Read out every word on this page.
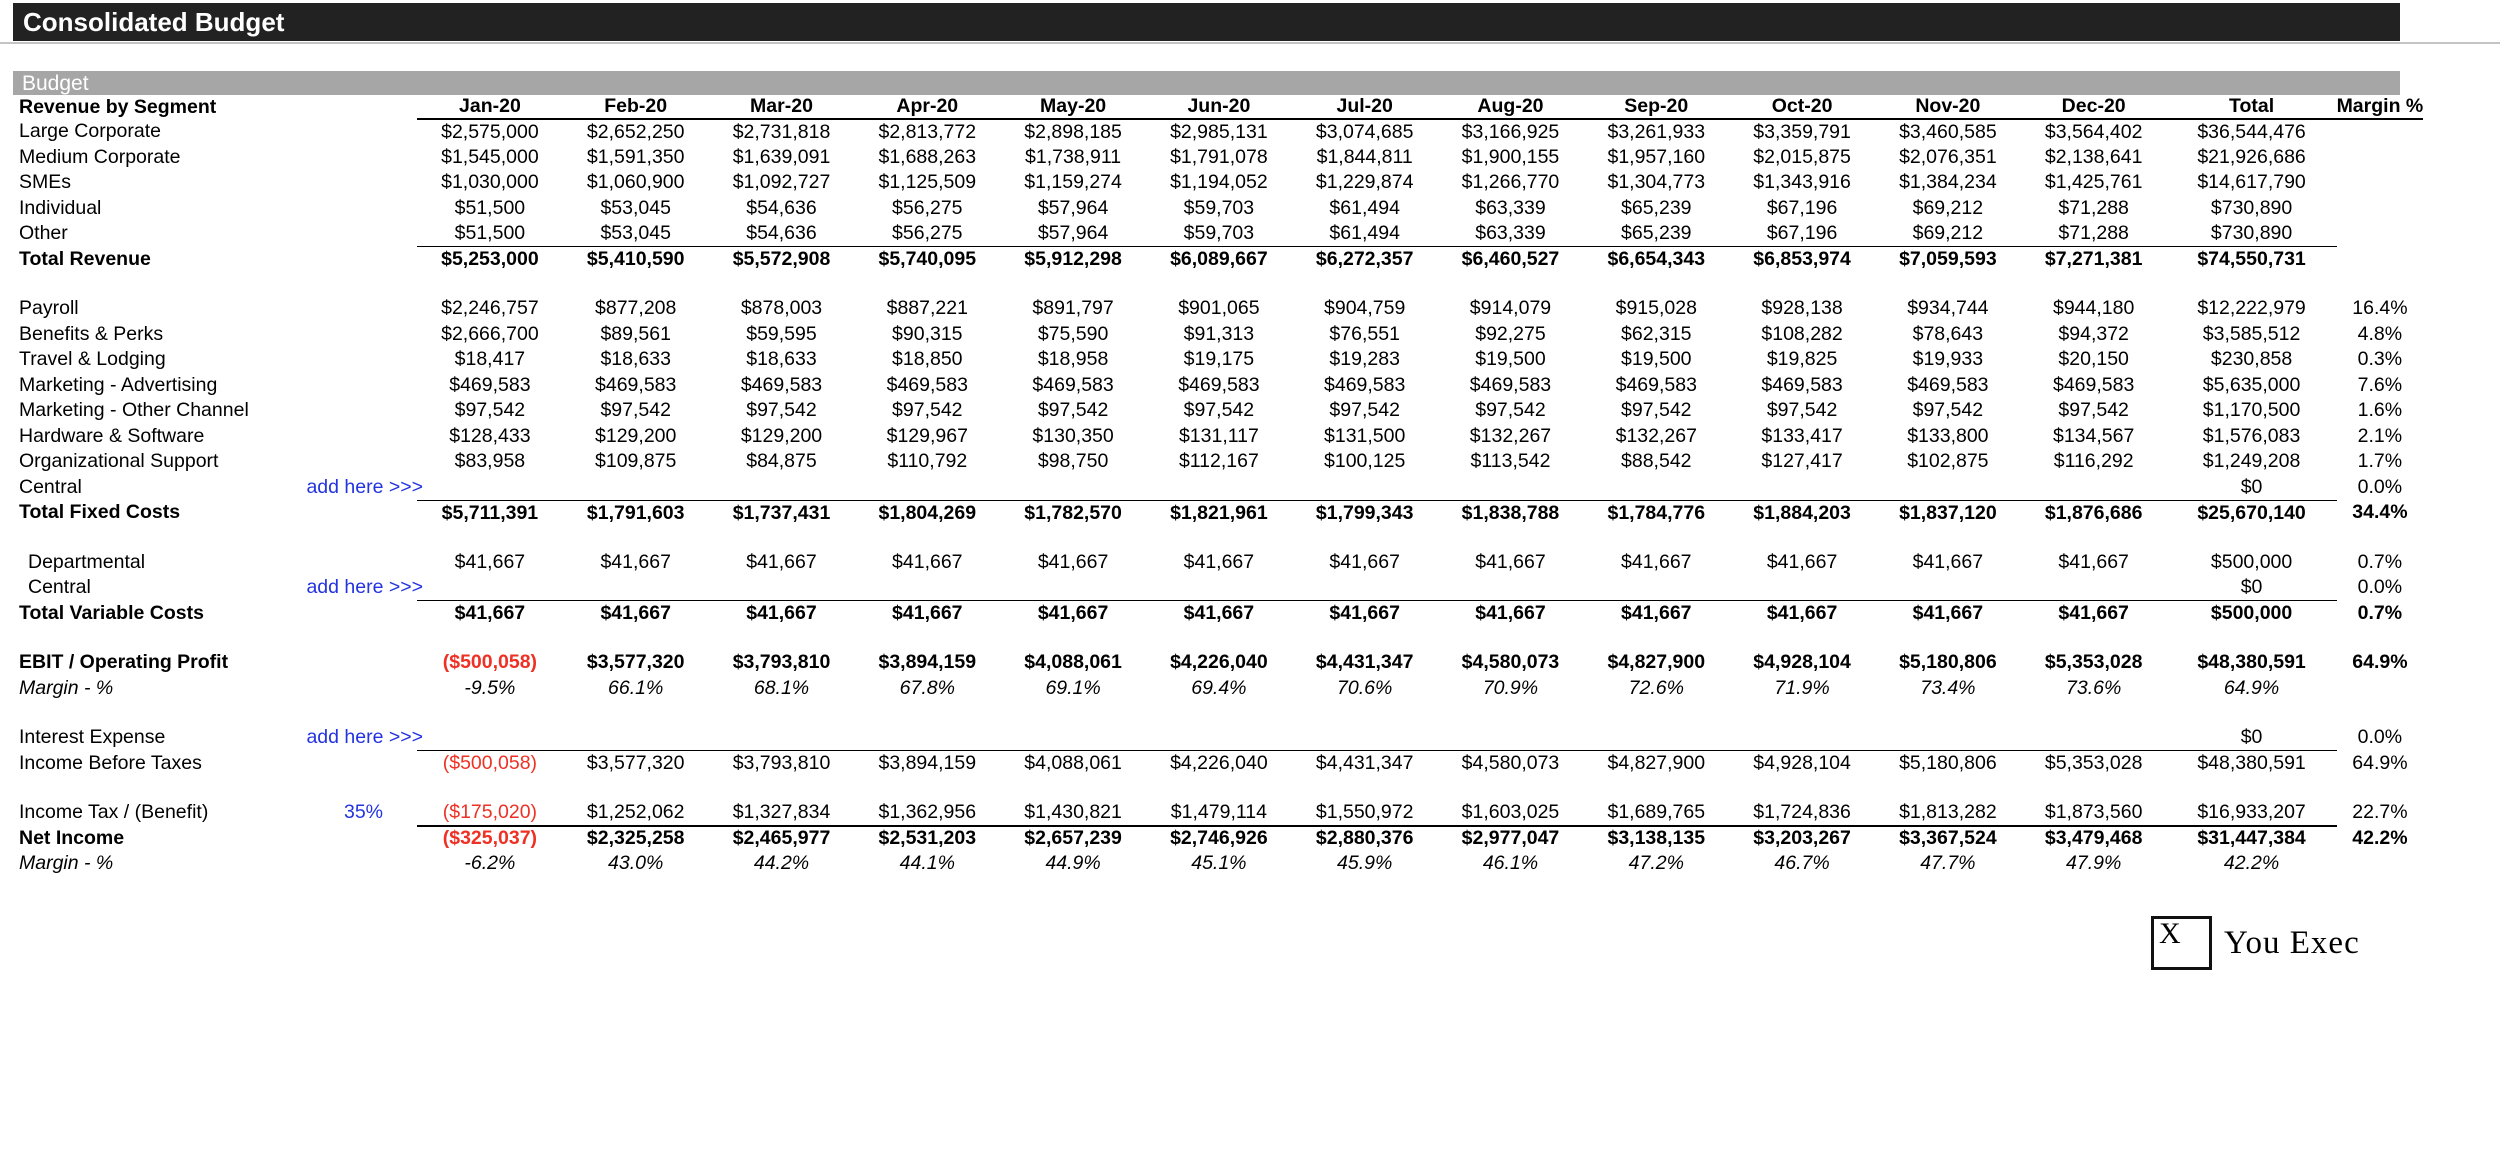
Consolidated Budget
Budget
Revenue by Segment	Jan-20	Feb-20	Mar-20	Apr-20	May-20	Jun-20	Jul-20	Aug-20	Sep-20	Oct-20	Nov-20	Dec-20	Total	Margin %
Large Corporate	$2,575,000	$2,652,250	$2,731,818	$2,813,772	$2,898,185	$2,985,131	$3,074,685	$3,166,925	$3,261,933	$3,359,791	$3,460,585	$3,564,402	$36,544,476	
Medium Corporate	$1,545,000	$1,591,350	$1,639,091	$1,688,263	$1,738,911	$1,791,078	$1,844,811	$1,900,155	$1,957,160	$2,015,875	$2,076,351	$2,138,641	$21,926,686	
SMEs	$1,030,000	$1,060,900	$1,092,727	$1,125,509	$1,159,274	$1,194,052	$1,229,874	$1,266,770	$1,304,773	$1,343,916	$1,384,234	$1,425,761	$14,617,790	
Individual	$51,500	$53,045	$54,636	$56,275	$57,964	$59,703	$61,494	$63,339	$65,239	$67,196	$69,212	$71,288	$730,890	
Other	$51,500	$53,045	$54,636	$56,275	$57,964	$59,703	$61,494	$63,339	$65,239	$67,196	$69,212	$71,288	$730,890	
Total Revenue	$5,253,000	$5,410,590	$5,572,908	$5,740,095	$5,912,298	$6,089,667	$6,272,357	$6,460,527	$6,654,343	$6,853,974	$7,059,593	$7,271,381	$74,550,731	

Payroll	$2,246,757	$877,208	$878,003	$887,221	$891,797	$901,065	$904,759	$914,079	$915,028	$928,138	$934,744	$944,180	$12,222,979	16.4%
Benefits & Perks	$2,666,700	$89,561	$59,595	$90,315	$75,590	$91,313	$76,551	$92,275	$62,315	$108,282	$78,643	$94,372	$3,585,512	4.8%
Travel & Lodging	$18,417	$18,633	$18,633	$18,850	$18,958	$19,175	$19,283	$19,500	$19,500	$19,825	$19,933	$20,150	$230,858	0.3%
Marketing - Advertising	$469,583	$469,583	$469,583	$469,583	$469,583	$469,583	$469,583	$469,583	$469,583	$469,583	$469,583	$469,583	$5,635,000	7.6%
Marketing - Other Channel	$97,542	$97,542	$97,542	$97,542	$97,542	$97,542	$97,542	$97,542	$97,542	$97,542	$97,542	$97,542	$1,170,500	1.6%
Hardware & Software	$128,433	$129,200	$129,200	$129,967	$130,350	$131,117	$131,500	$132,267	$132,267	$133,417	$133,800	$134,567	$1,576,083	2.1%
Organizational Support	$83,958	$109,875	$84,875	$110,792	$98,750	$112,167	$100,125	$113,542	$88,542	$127,417	$102,875	$116,292	$1,249,208	1.7%
Central add here >>>													$0	0.0%
Total Fixed Costs	$5,711,391	$1,791,603	$1,737,431	$1,804,269	$1,782,570	$1,821,961	$1,799,343	$1,838,788	$1,784,776	$1,884,203	$1,837,120	$1,876,686	$25,670,140	34.4%

Departmental	$41,667	$41,667	$41,667	$41,667	$41,667	$41,667	$41,667	$41,667	$41,667	$41,667	$41,667	$41,667	$500,000	0.7%
Central add here >>>													$0	0.0%
Total Variable Costs	$41,667	$41,667	$41,667	$41,667	$41,667	$41,667	$41,667	$41,667	$41,667	$41,667	$41,667	$41,667	$500,000	0.7%

EBIT / Operating Profit	($500,058)	$3,577,320	$3,793,810	$3,894,159	$4,088,061	$4,226,040	$4,431,347	$4,580,073	$4,827,900	$4,928,104	$5,180,806	$5,353,028	$48,380,591	64.9%
Margin - %	-9.5%	66.1%	68.1%	67.8%	69.1%	69.4%	70.6%	70.9%	72.6%	71.9%	73.4%	73.6%	64.9%	

Interest Expense add here >>>													$0	0.0%
Income Before Taxes	($500,058)	$3,577,320	$3,793,810	$3,894,159	$4,088,061	$4,226,040	$4,431,347	$4,580,073	$4,827,900	$4,928,104	$5,180,806	$5,353,028	$48,380,591	64.9%

Income Tax / (Benefit) 35%	($175,020)	$1,252,062	$1,327,834	$1,362,956	$1,430,821	$1,479,114	$1,550,972	$1,603,025	$1,689,765	$1,724,836	$1,813,282	$1,873,560	$16,933,207	22.7%
Net Income	($325,037)	$2,325,258	$2,465,977	$2,531,203	$2,657,239	$2,746,926	$2,880,376	$2,977,047	$3,138,135	$3,203,267	$3,367,524	$3,479,468	$31,447,384	42.2%
Margin - %	-6.2%	43.0%	44.2%	44.1%	44.9%	45.1%	45.9%	46.1%	47.2%	46.7%	47.7%	47.9%	42.2%	
X You Exec
